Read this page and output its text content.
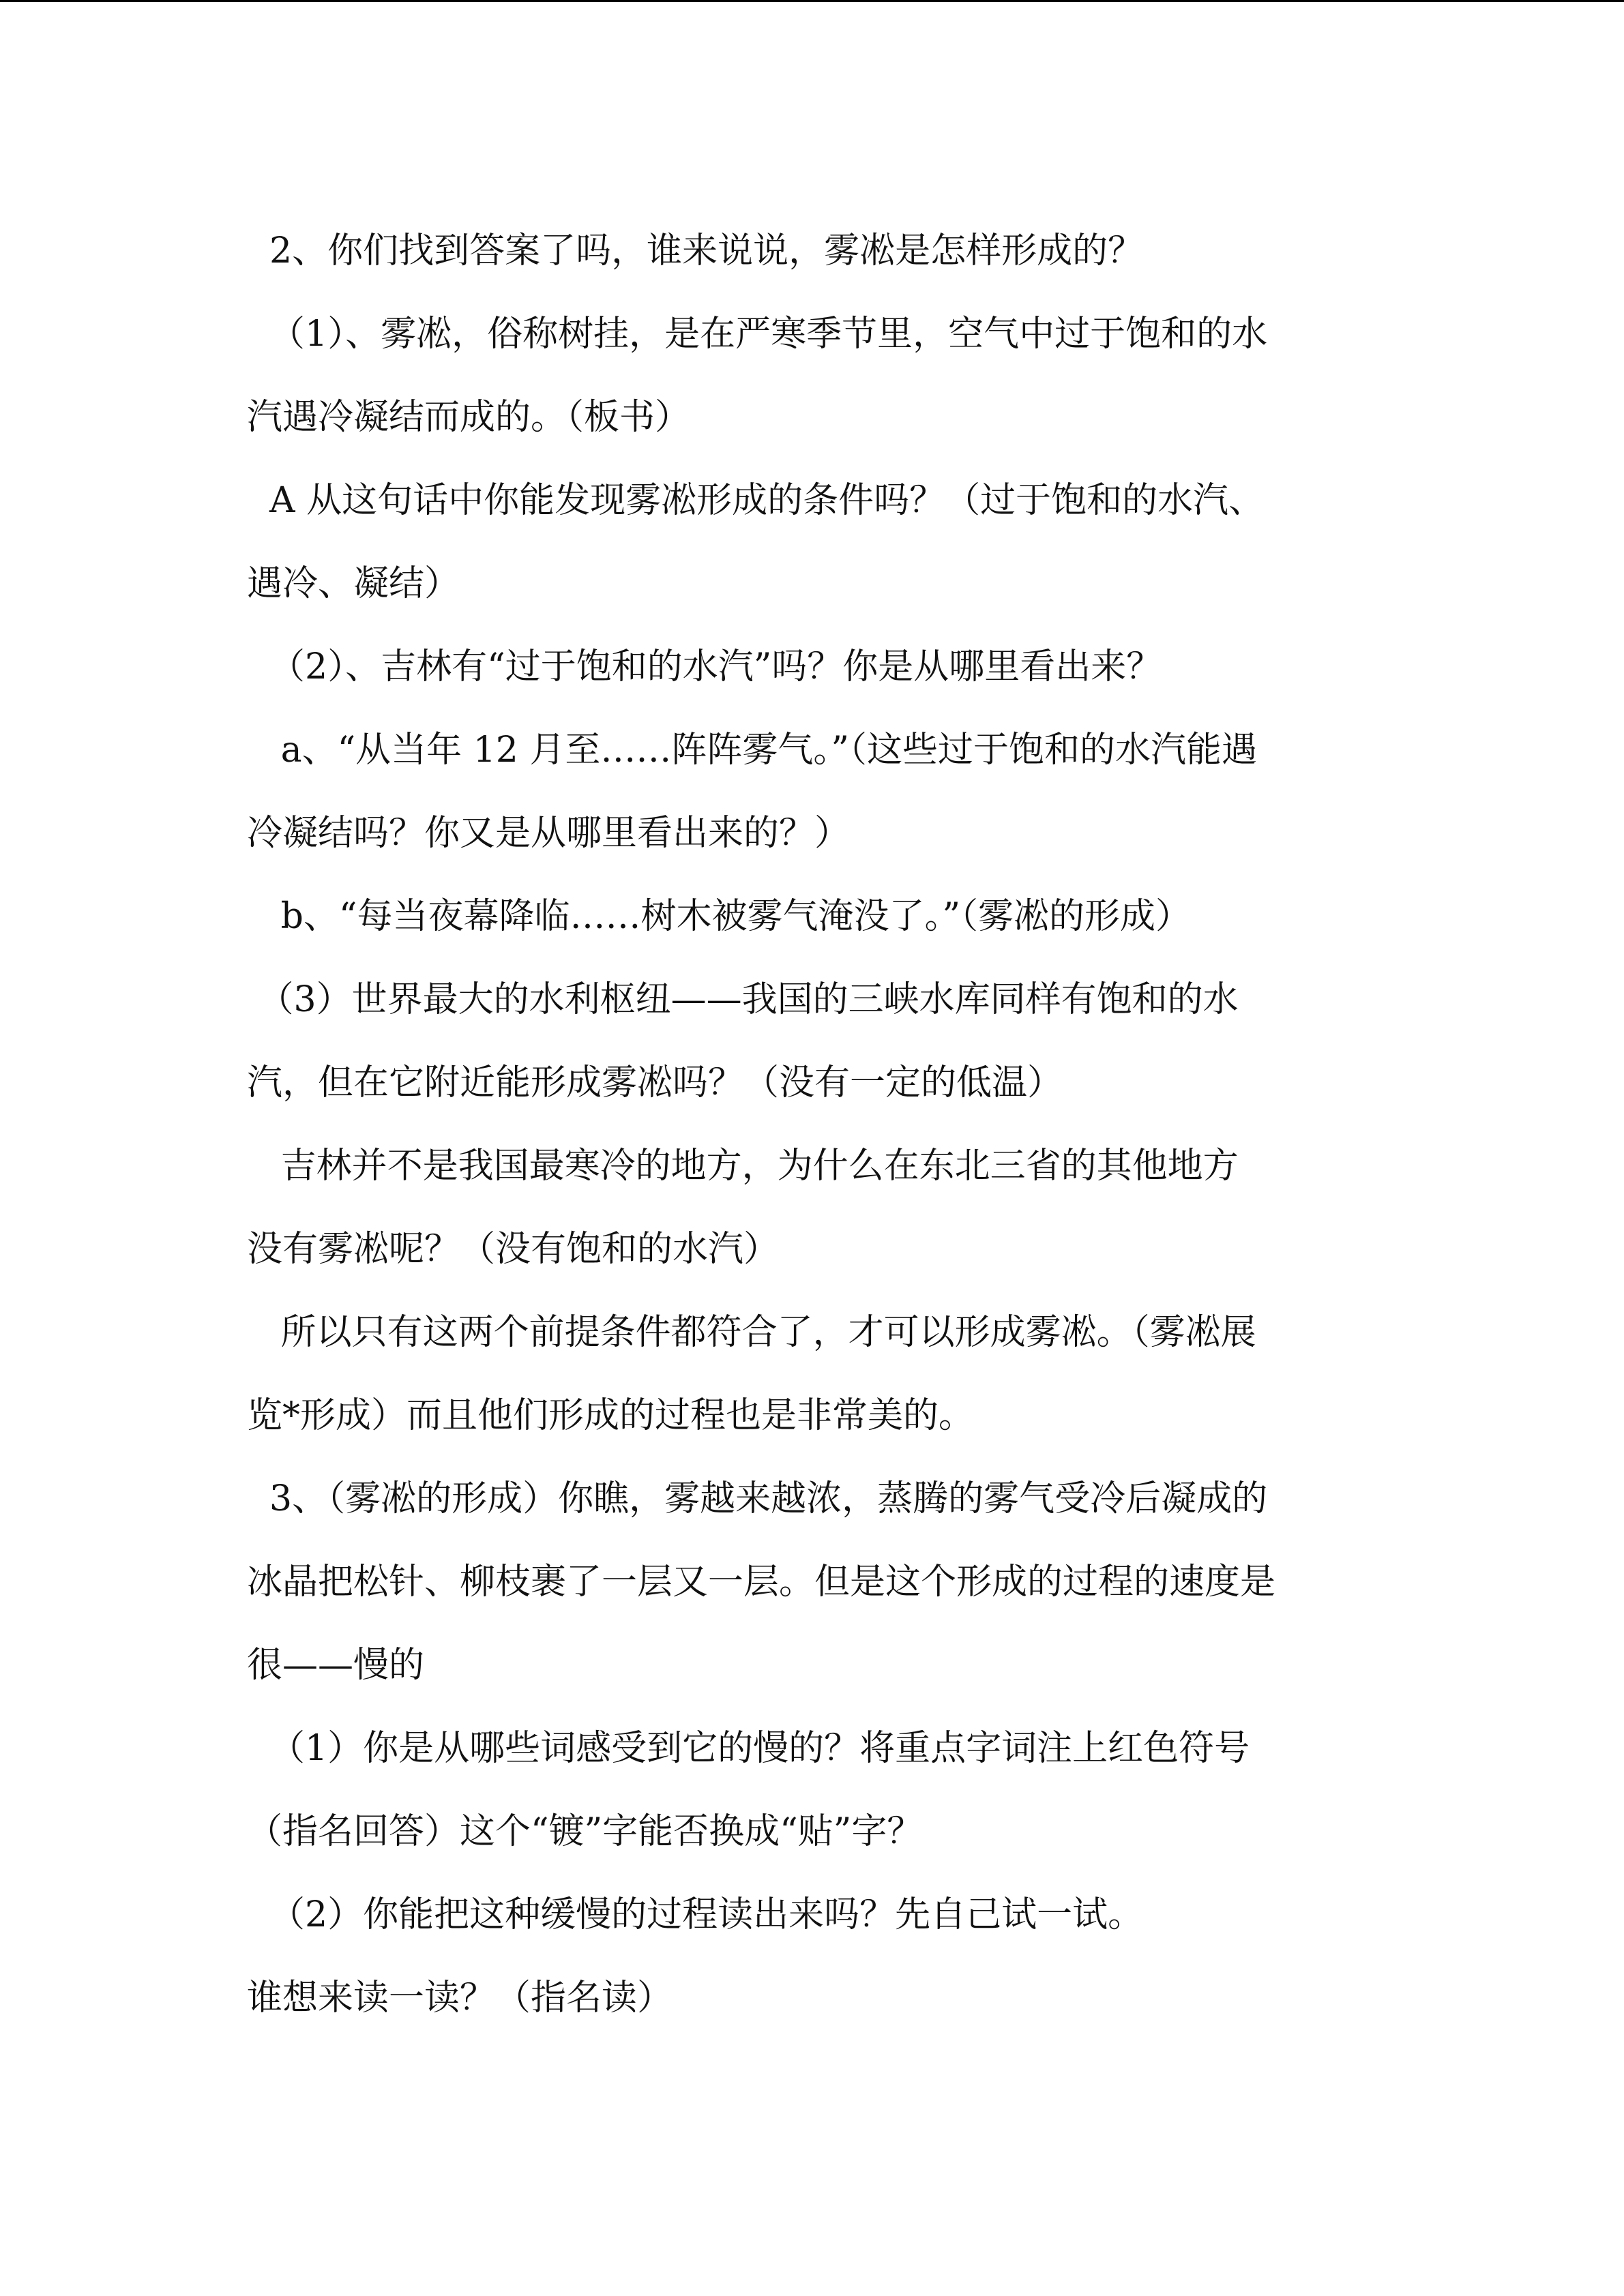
2、你们找到答案了吗，谁来说说，雾凇是怎样形成的？
（1）、雾凇，俗称树挂，是在严寒季节里，空气中过于饱和的水
汽遇冷凝结而成的。（板书）
A 从这句话中你能发现雾凇形成的条件吗？（过于饱和的水汽、
遇冷、凝结）
（2）、吉林有“过于饱和的水汽”吗？你是从哪里看出来？
a、“从当年 12 月至……阵阵雾气。”（这些过于饱和的水汽能遇
冷凝结吗？你又是从哪里看出来的？）
b、“每当夜幕降临……树木被雾气淹没了。”（雾凇的形成）
（3）世界最大的水利枢纽——我国的三峡水库同样有饱和的水
汽，但在它附近能形成雾凇吗？（没有一定的低温）
吉林并不是我国最寒冷的地方，为什么在东北三省的其他地方
没有雾凇呢？（没有饱和的水汽）
所以只有这两个前提条件都符合了，才可以形成雾凇。（雾凇展
览*形成）而且他们形成的过程也是非常美的。
3、（雾凇的形成）你瞧，雾越来越浓，蒸腾的雾气受冷后凝成的
冰晶把松针、柳枝裹了一层又一层。但是这个形成的过程的速度是
很——慢的
（1）你是从哪些词感受到它的慢的？将重点字词注上红色符号
（指名回答）这个“镀”字能否换成“贴”字？
（2）你能把这种缓慢的过程读出来吗？先自己试一试。
谁想来读一读？（指名读）
